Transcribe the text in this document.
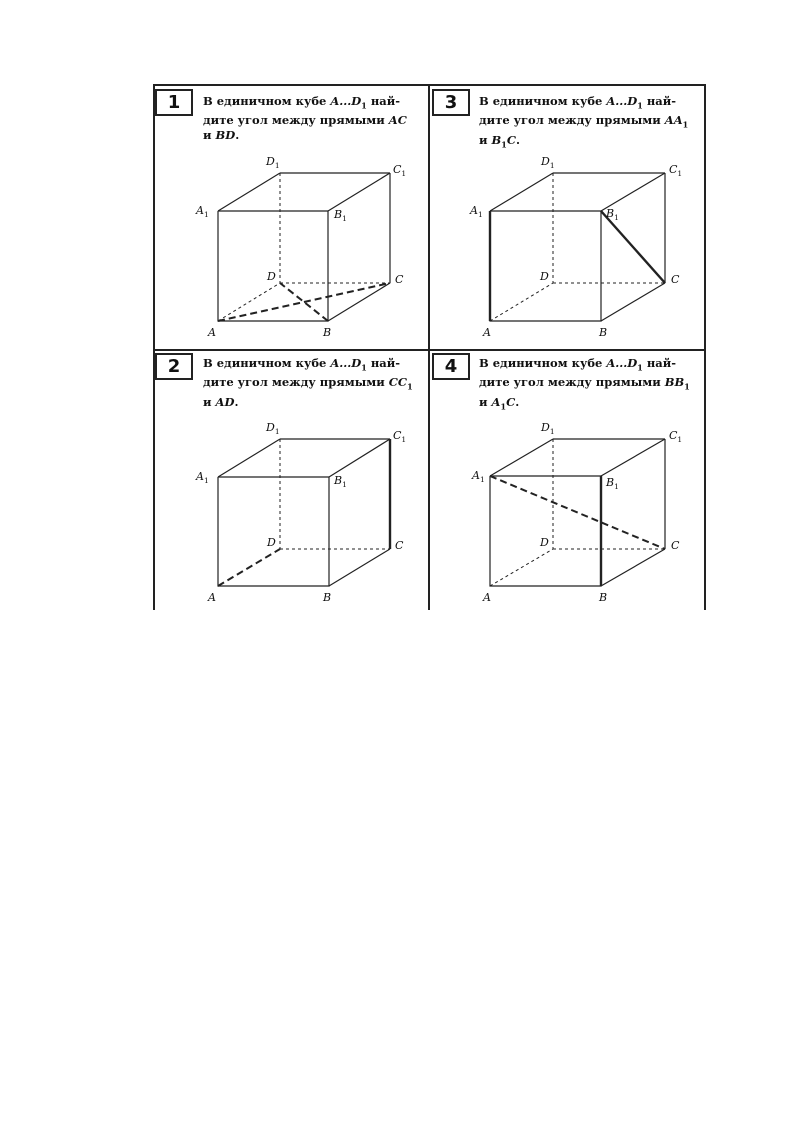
1	В единичном кубе $A...D_1$ най-
дите угол между прямыми AC
и BD.
A	B
C
D
$A_1$	$B_1$
$C_1$
$D_1$
3	В единичном кубе $A...D_1$ най-
дите угол между прямыми $AA_1$
и $B_1C$.
A	B
C
D
$A_1$	$B_1$
$C_1$
$D_1$
2	В единичном кубе $A...D_1$ най-
дите угол между прямыми $CC_1$
и AD.
A	B
C
D
$A_1$	$B_1$
$C_1$
$D_1$
4	В единичном кубе $A...D_1$ най-
дите угол между прямыми $BB_1$
и $A_1C$.
A	B
C
D
$A_1$	$B_1$
$C_1$
$D_1$
